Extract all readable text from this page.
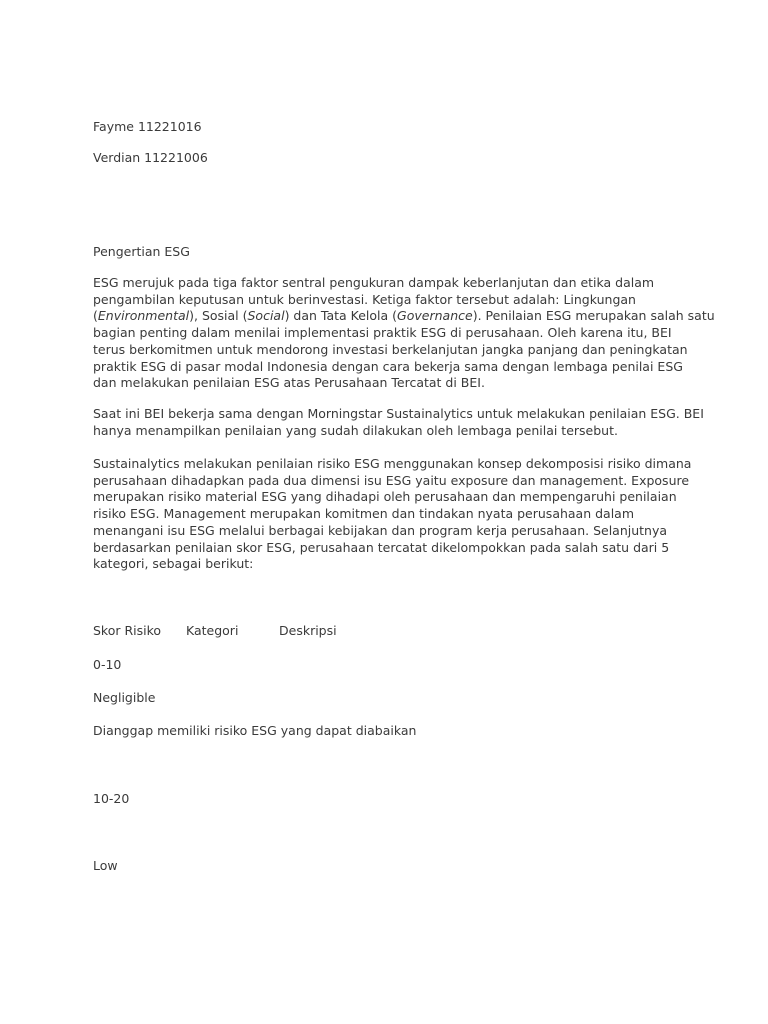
Fayme 11221016
Verdian 11221006
Pengertian ESG
ESG merujuk pada tiga faktor sentral pengukuran dampak keberlanjutan dan etika dalam
pengambilan keputusan untuk berinvestasi. Ketiga faktor tersebut adalah: Lingkungan
(Environmental), Sosial (Social) dan Tata Kelola (Governance). Penilaian ESG merupakan salah satu
bagian penting dalam menilai implementasi praktik ESG di perusahaan. Oleh karena itu, BEI
terus berkomitmen untuk mendorong investasi berkelanjutan jangka panjang dan peningkatan
praktik ESG di pasar modal Indonesia dengan cara bekerja sama dengan lembaga penilai ESG
dan melakukan penilaian ESG atas Perusahaan Tercatat di BEI.
Saat ini BEI bekerja sama dengan Morningstar Sustainalytics untuk melakukan penilaian ESG. BEI
hanya menampilkan penilaian yang sudah dilakukan oleh lembaga penilai tersebut.
Sustainalytics melakukan penilaian risiko ESG menggunakan konsep dekomposisi risiko dimana
perusahaan dihadapkan pada dua dimensi isu ESG yaitu exposure dan management. Exposure
merupakan risiko material ESG yang dihadapi oleh perusahaan dan mempengaruhi penilaian
risiko ESG. Management merupakan komitmen dan tindakan nyata perusahaan dalam
menangani isu ESG melalui berbagai kebijakan dan program kerja perusahaan. Selanjutnya
berdasarkan penilaian skor ESG, perusahaan tercatat dikelompokkan pada salah satu dari 5
kategori, sebagai berikut:
Skor Risiko Kategori	Deskripsi
0-10
Negligible
Dianggap memiliki risiko ESG yang dapat diabaikan
10-20
Low
